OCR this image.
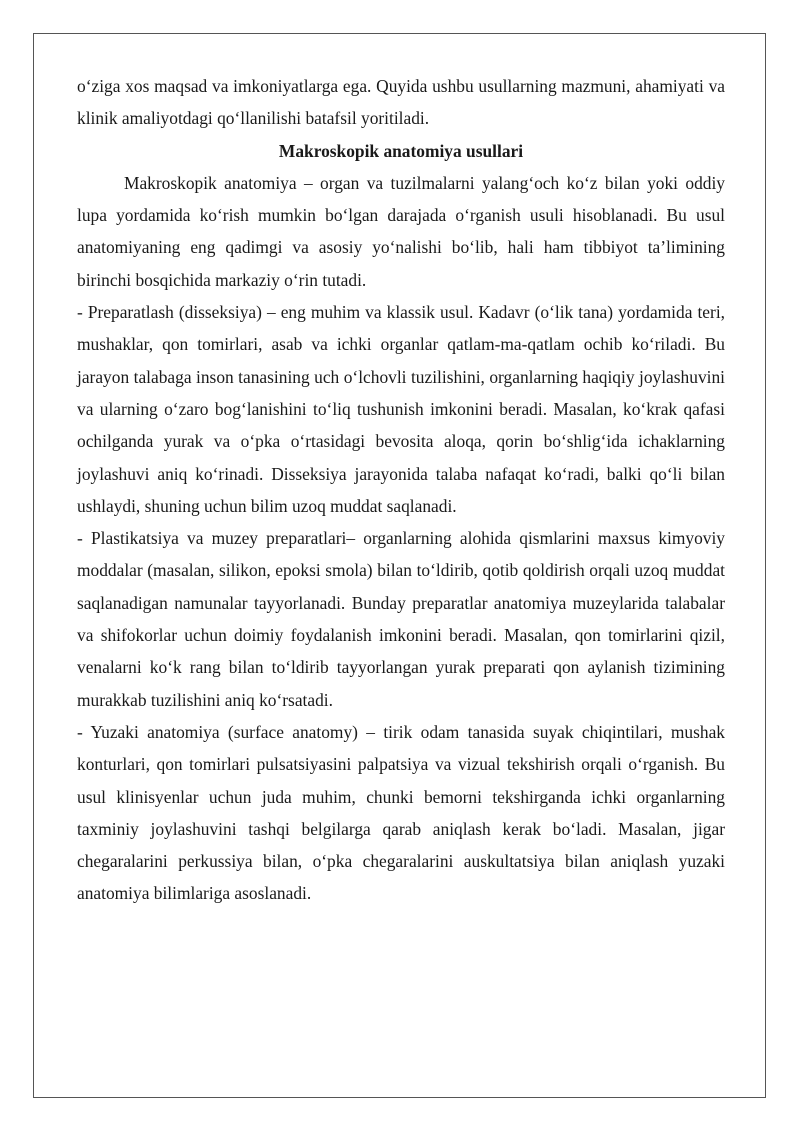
o‘ziga xos maqsad va imkoniyatlarga ega. Quyida ushbu usullarning mazmuni, ahamiyati va klinik amaliyotdagi qo‘llanilishi batafsil yoritiladi.

Makroskopik anatomiya usullari

Makroskopik anatomiya – organ va tuzilmalarni yalang‘och ko‘z bilan yoki oddiy lupa yordamida ko‘rish mumkin bo‘lgan darajada o‘rganish usuli hisoblanadi. Bu usul anatomiyaning eng qadimgi va asosiy yo‘nalishi bo‘lib, hali ham tibbiyot ta’limining birinchi bosqichida markaziy o‘rin tutadi.

- Preparatlash (disseksiya) – eng muhim va klassik usul. Kadavr (o‘lik tana) yordamida teri, mushaklar, qon tomirlari, asab va ichki organlar qatlam-ma-qatlam ochib ko‘riladi. Bu jarayon talabaga inson tanasining uch o‘lchovli tuzilishini, organlarning haqiqiy joylashuvini va ularning o‘zaro bog‘lanishini to‘liq tushunish imkonini beradi. Masalan, ko‘krak qafasi ochilganda yurak va o‘pka o‘rtasidagi bevosita aloqa, qorin bo‘shlig‘ida ichaklarning joylashuvi aniq ko‘rinadi. Disseksiya jarayonida talaba nafaqat ko‘radi, balki qo‘li bilan ushlaydi, shuning uchun bilim uzoq muddat saqlanadi.

- Plastikatsiya va muzey preparatlari– organlarning alohida qismlarini maxsus kimyoviy moddalar (masalan, silikon, epoksi smola) bilan to‘ldirib, qotib qoldirish orqali uzoq muddat saqlanadigan namunalar tayyorlanadi. Bunday preparatlar anatomiya muzeylarida talabalar va shifokorlar uchun doimiy foydalanish imkonini beradi. Masalan, qon tomirlarini qizil, venalarni ko‘k rang bilan to‘ldirib tayyorlangan yurak preparati qon aylanish tizimining murakkab tuzilishini aniq ko‘rsatadi.

- Yuzaki anatomiya (surface anatomy) – tirik odam tanasida suyak chiqintilari, mushak konturlari, qon tomirlari pulsatsiyasini palpatsiya va vizual tekshirish orqali o‘rganish. Bu usul klinisyenlar uchun juda muhim, chunki bemorni tekshirganda ichki organlarning taxminiy joylashuvini tashqi belgilarga qarab aniqlash kerak bo‘ladi. Masalan, jigar chegaralarini perkussiya bilan, o‘pka chegaralarini auskultatsiya bilan aniqlash yuzaki anatomiya bilimlariga asoslanadi.
